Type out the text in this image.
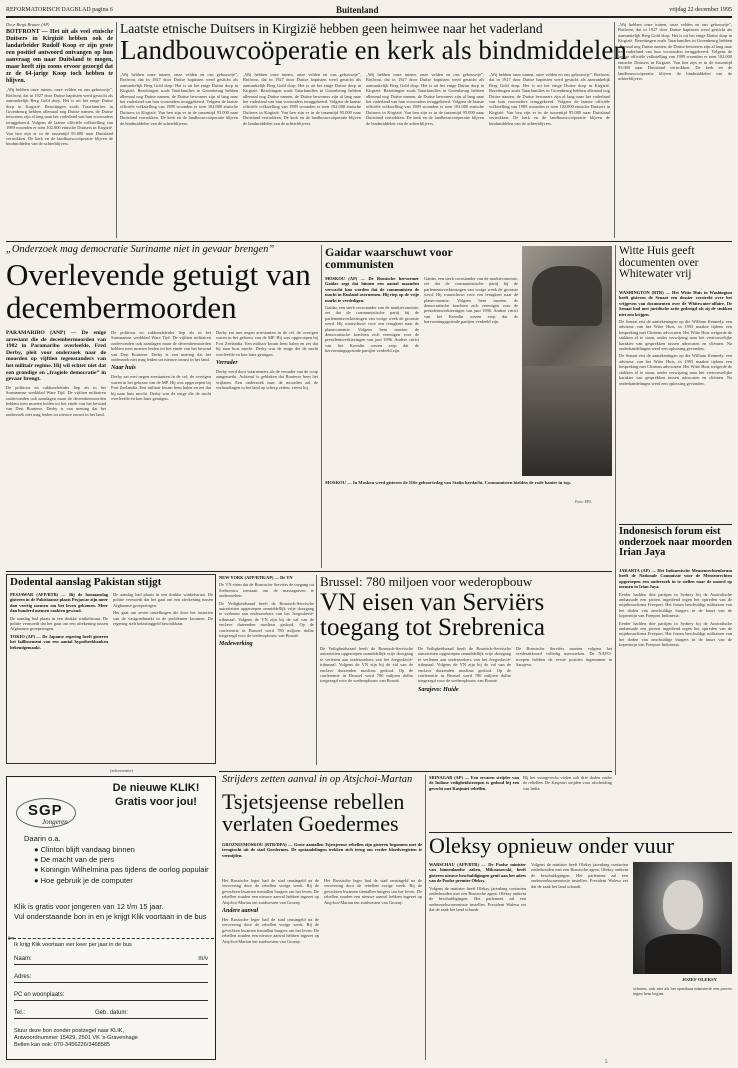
REFORMATORISCH DAGBLAD pagina 6	Buitenland	vrijdag 22 december 1995

Door Birgit Brauer (AP)

BOTFRONT — Het uit als veel etnische Duitsers in Kirgizië hebben ook de landarbeider Rudolf Koop er zijn grote een positief antwoord ontvangen op hun aanvraag om naar Duitsland te mogen, maar heeft zijn zoons ervoor gezorgd dat ze de 64-jarige Koop toch hebben te blijven.

„Wij hebben onze tuinen, onze velden en ons gebouwtje”, Rotfront, dat in 1927 door Duitse baptisten werd gesticht als aanvankelijk Berg Gold dorp. Het is uit het enige Duitse dorp in Kirgizië. Bezettingen zoals Tatarfamilies in Groenbeurg hebben allemaal nog Duitse namen, de Duitse bewoners zijn al lang naar het vaderland van hun voorouders teruggekeerd. Volgens de laatste officiële volkstelling van 1989 woonden er toen 102.000 etnische Duitsers in Kirgizië. Van hen zijn er in de tussentijd 95.000 naar Duitsland vertrokken. De kerk en de landbouwcoöperatie blijven de bindmiddelen van de achterblijvers.

Laatste etnische Duitsers in Kirgizië hebben geen heimwee naar het vaderland
Landbouwcoöperatie en kerk als bindmiddelen
„Wij hebben onze tuinen, onze velden en ons gebouwtje”, Rotfront, dat in 1927 door Duitse baptisten werd gesticht als aanvankelijk Berg Gold dorp. Het is uit het enige Duitse dorp in Kirgizië. Bezettingen zoals Tatarfamilies in Groenbeurg hebben allemaal nog Duitse namen, de Duitse bewoners zijn al lang naar het vaderland van hun voorouders teruggekeerd. Volgens de laatste officiële volkstelling van 1989 woonden er toen 102.000 etnische Duitsers in Kirgizië. Van hen zijn er in de tussentijd 95.000 naar Duitsland vertrokken. De kerk en de landbouwcoöperatie blijven de bindmiddelen van de achterblijvers.
„Wij hebben onze tuinen, onze velden en ons gebouwtje”, Rotfront, dat in 1927 door Duitse baptisten werd gesticht als aanvankelijk Berg Gold dorp. Het is uit het enige Duitse dorp in Kirgizië. Bezettingen zoals Tatarfamilies in Groenbeurg hebben allemaal nog Duitse namen, de Duitse bewoners zijn al lang naar het vaderland van hun voorouders teruggekeerd. Volgens de laatste officiële volkstelling van 1989 woonden er toen 102.000 etnische Duitsers in Kirgizië. Van hen zijn er in de tussentijd 95.000 naar Duitsland vertrokken. De kerk en de landbouwcoöperatie blijven de bindmiddelen van de achterblijvers.
„Wij hebben onze tuinen, onze velden en ons gebouwtje”, Rotfront, dat in 1927 door Duitse baptisten werd gesticht als aanvankelijk Berg Gold dorp. Het is uit het enige Duitse dorp in Kirgizië. Bezettingen zoals Tatarfamilies in Groenbeurg hebben allemaal nog Duitse namen, de Duitse bewoners zijn al lang naar het vaderland van hun voorouders teruggekeerd. Volgens de laatste officiële volkstelling van 1989 woonden er toen 102.000 etnische Duitsers in Kirgizië. Van hen zijn er in de tussentijd 95.000 naar Duitsland vertrokken. De kerk en de landbouwcoöperatie blijven de bindmiddelen van de achterblijvers.
„Wij hebben onze tuinen, onze velden en ons gebouwtje”, Rotfront, dat in 1927 door Duitse baptisten werd gesticht als aanvankelijk Berg Gold dorp. Het is uit het enige Duitse dorp in Kirgizië. Bezettingen zoals Tatarfamilies in Groenbeurg hebben allemaal nog Duitse namen, de Duitse bewoners zijn al lang naar het vaderland van hun voorouders teruggekeerd. Volgens de laatste officiële volkstelling van 1989 woonden er toen 102.000 etnische Duitsers in Kirgizië. Van hen zijn er in de tussentijd 95.000 naar Duitsland vertrokken. De kerk en de landbouwcoöperatie blijven de bindmiddelen van de achterblijvers.
„Wij hebben onze tuinen, onze velden en ons gebouwtje”, Rotfront, dat in 1927 door Duitse baptisten werd gesticht als aanvankelijk Berg Gold dorp. Het is uit het enige Duitse dorp in Kirgizië. Bezettingen zoals Tatarfamilies in Groenbeurg hebben allemaal nog Duitse namen, de Duitse bewoners zijn al lang naar het vaderland van hun voorouders teruggekeerd. Volgens de laatste officiële volkstelling van 1989 woonden er toen 102.000 etnische Duitsers in Kirgizië. Van hen zijn er in de tussentijd 95.000 naar Duitsland vertrokken. De kerk en de landbouwcoöperatie blijven de bindmiddelen van de achterblijvers.
„Onderzoek mag democratie Suriname niet in gevaar brengen”
Overlevende getuigt van decembermoorden

PARAMARIBO (ANP) — De enige arrestant die de decembermoorden van 1982 in Paramaribo overleefde, Fred Derby, pleit voor onderzoek naar de moorden op vijftien tegenstanders van het militair regime. Hij wil echter niet dat een grondige en „fragiele democratie” in gevaar brengt.

De politicus en vakbondsleider liep als in het Surinaamse werkblad Ware Tijd. De vijftien militairen ondervonden ook aanslagen maar de decembermoorden hebben toen moeten leiden tot het einde van het bewind van Desi Bouterse. Derby is van mening dat het onderzoek niet mag leiden tot nieuwe onrust in het land.

De politicus en vakbondsleider liep als in het Surinaamse werkblad Ware Tijd. De vijftien militairen ondervonden ook aanslagen maar de decembermoorden hebben toen moeten leiden tot het einde van het bewind van Desi Bouterse. Derby is van mening dat het onderzoek niet mag leiden tot nieuwe onrust in het land.

Naar huis

Derby zat met negen arrestanten in de cel, de overigen waren in het gebouw van de MP. Hij was opgeroepen bij Fort Zeelandia. Een militair kwam hem halen en zei dat hij naar huis mocht. Derby was de enige die de nacht overleefde en kon later getuigen.

Derby zat met negen arrestanten in de cel, de overigen waren in het gebouw van de MP. Hij was opgeroepen bij Fort Zeelandia. Een militair kwam hem halen en zei dat hij naar huis mocht. Derby was de enige die de nacht overleefde en kon later getuigen.

Verrader

Derby werd door waarnemers als de verrader van de coup aangemerkt. Achteraf is gebleken dat Bouterse hem liet vrijlaten. Een onderzoek naar de moorden zal de verhoudingen in het land op scherp zetten, vreest hij.

Gaidar waarschuwt voor communisten

MOSKOU (AP) — De Russische hervormer Gaidar zegt dat binnen een aantal maanden verwacht kan worden dat de communisten de macht in Rusland overnemen. Hij riep op de vrije markt te verdedigen.

Gaidar, een sterk voorstander van de markteconomie, zei dat de communistische partij bij de parlementsverkiezingen van vorige week de grootste werd. Hij waarschuwt voor een terugkeer naar de planeconomie. Volgens hem moeten de democratische krachten zich verenigen voor de presidentsverkiezingen van juni 1996. Andere critici van het Kremlin wezen erop dat de hervormingsgezinde partijen verdeeld zijn.

Gaidar, een sterk voorstander van de markteconomie, zei dat de communistische partij bij de parlementsverkiezingen van vorige week de grootste werd. Hij waarschuwt voor een terugkeer naar de planeconomie. Volgens hem moeten de democratische krachten zich verenigen voor de presidentsverkiezingen van juni 1996. Andere critici van het Kremlin wezen erop dat de hervormingsgezinde partijen verdeeld zijn.
MOSKOU — In Moskou werd gisteren de 116e geboortedag van Stalin herdacht. Communisten hielden de rode banier in top.
Foto: EPA
Witte Huis geeft documenten over Whitewater vrij

WASHINGTON (RTR) — Het Witte Huis in Washington heeft gisteren de Senaat een dossier verstrekt over het vrijgeven van documenten over de Whitewater-affaire. De Senaat had met juridische actie gedreigd als zij de stukken niet zou krijgen.

De Senaat eist de aantekeningen op die William Kennedy, een adviseur van het Witte Huis, in 1993 maakte tijdens een bespreking met Clintons advocaten. Het Witte Huis weigerde de stukken af te staan, onder verwijzing naar het vertrouwelijke karakter van gesprekken tussen advocaten en cliënten. Na onderhandelingen werd een oplossing gevonden.

De Senaat eist de aantekeningen op die William Kennedy, een adviseur van het Witte Huis, in 1993 maakte tijdens een bespreking met Clintons advocaten. Het Witte Huis weigerde de stukken af te staan, onder verwijzing naar het vertrouwelijke karakter van gesprekken tussen advocaten en cliënten. Na onderhandelingen werd een oplossing gevonden.

Indonesisch forum eist onderzoek naar moorden Irian Jaya

JAKARTA (AP) — Het Indonesische Mensenrechtenforum heeft de Nationale Commissie voor de Mensenrechten opgeroepen een onderzoek in te stellen naar de moord op mensen in Irian Jaya.

Eerder hadden drie partijen in Sydney bij de Australische ambassade een protest ingediend tegen het optreden van de mijnbouwfirma Freeport. Het forum beschuldigt militairen van het doden van onschuldige burgers in de buurt van de kopermijn van Freeport Indonesia.

Eerder hadden drie partijen in Sydney bij de Australische ambassade een protest ingediend tegen het optreden van de mijnbouwfirma Freeport. Het forum beschuldigt militairen van het doden van onschuldige burgers in de buurt van de kopermijn van Freeport Indonesia.

Dodental aanslag Pakistan stijgt

PESJAWAR (AFP/RTR) — Bij de bomaanslag gisteren in de Pakistaanse plaats Pesjawar zijn meer dan veertig mensen om het leven gekomen. Meer dan honderd mensen raakten gewond.

De aanslag had plaats in een drukke winkelstraat. De politie vermoedt dat het gaat om een afrekening tussen Afghaanse groeperingen.

TOKIO (AP) — De Japanse regering heeft gisteren het faillissement van een aantal hypotheekbanken bekendgemaakt.

De aanslag had plaats in een drukke winkelstraat. De politie vermoedt dat het gaat om een afrekening tussen Afghaanse groeperingen.

Het gaat om zeven instellingen die door het instorten van de vastgoedmarkt in de problemen kwamen. De regering stelt belastinggeld beschikbaar.

NEW YORK (AFP/RTR/AP) — De VN

De VN eisen dat de Bosnische Serviërs de toegang tot Srebrenica toestaan om de massagraven te onderzoeken.

De Veiligheidsraad heeft de Bosnisch-Servische autoriteiten opgeroepen onmiddellijk vrije doorgang te verlenen aan onderzoekers van het Joegoslavië-tribunaal. Volgens de VN zijn bij de val van de enclave duizenden moslims gedood. Op de conferentie in Brussel werd 780 miljoen dollar toegezegd voor de wederopbouw van Bosnië.

Medewerking

Brussel: 780 miljoen voor wederopbouw
VN eisen van Serviërs toegang tot Srebrenica
De Veiligheidsraad heeft de Bosnisch-Servische autoriteiten opgeroepen onmiddellijk vrije doorgang te verlenen aan onderzoekers van het Joegoslavië-tribunaal. Volgens de VN zijn bij de val van de enclave duizenden moslims gedood. Op de conferentie in Brussel werd 780 miljoen dollar toegezegd voor de wederopbouw van Bosnië.

De Veiligheidsraad heeft de Bosnisch-Servische autoriteiten opgeroepen onmiddellijk vrije doorgang te verlenen aan onderzoekers van het Joegoslavië-tribunaal. Volgens de VN zijn bij de val van de enclave duizenden moslims gedood. Op de conferentie in Brussel werd 780 miljoen dollar toegezegd voor de wederopbouw van Bosnië.

Sarajevo: Huide

De Bosnische Serviërs moeten volgens het vredesakkoord volledig meewerken. De NAVO-troepen hebben de eerste posities ingenomen in Sarajevo.
(advertentie)
De nieuwe KLIK!
Gratis voor jou!
SGP
Jongeren
Daarin o.a.
● Clinton blijft vandaag binnen
● De macht van de pers
● Koningin Wilhelmina pas tijdens de oorlog populair
● Hoe gebruik je de computer
Klik is gratis voor jongeren van 12 t/m 15 jaar.
Vul onderstaande bon in en je krijgt Klik voortaan in de bus
✂
Ik krijg Klik voortaan vier keer per jaar in de bus
Naam:	m/v
Adres:
PC en woonplaats:
Tel.:	Geb. datum:
Stuur deze bon zonder postzegel naar KLIK,
Antwoordnummer 15429, 2501 VK 's-Gravenhage
Bellen kan ook: 070-3456226/3468585
Strijders zetten aanval in op Atsjchoi-Martan
Tsjetsjeense rebellen verlaten Goedermes

GROZNIJ/MOSKOU (RTR/DPA) — Grote aantallen Tsjetsjeense rebellen zijn gisteren begonnen met de terugtocht uit de stad Goedermes. De opstandelingen trekken zich terug om verder bloedvergieten te vermijden.

Het Russische leger had de stad omsingeld na de verovering door de rebellen vorige week. Bij de gevechten kwamen tientallen burgers om het leven. De rebellen zouden een nieuwe aanval hebben ingezet op Atsjchoi-Martan ten zuidwesten van Grozny.

Andere aanval

Het Russische leger had de stad omsingeld na de verovering door de rebellen vorige week. Bij de gevechten kwamen tientallen burgers om het leven. De rebellen zouden een nieuwe aanval hebben ingezet op Atsjchoi-Martan ten zuidwesten van Grozny.

Het Russische leger had de stad omsingeld na de verovering door de rebellen vorige week. Bij de gevechten kwamen tientallen burgers om het leven. De rebellen zouden een nieuwe aanval hebben ingezet op Atsjchoi-Martan ten zuidwesten van Grozny.

SRINAGAR (AP) — Een ervaren strijder van de Indiase veiligheidstroepen is gedood bij een gevecht met Kasjmiri rebellen.

Bij het vuurgevecht vielen ook drie doden onder de rebellen. De Kasjmiri strijden voor afscheiding van India.
Oleksy opnieuw onder vuur

WARSCHAU (AFP/RTR) — De Poolse minister van binnenlandse zaken, Milczanowski, heeft gisteren nieuwe beschuldigingen geuit aan het adres van de Poolse premier Oleksy.

Volgens de minister heeft Oleksy jarenlang contacten onderhouden met een Russische agent. Oleksy ontkent de beschuldigingen. Het parlement zal een onderzoekscommissie instellen. President Walesa zei dat de zaak het land schaadt.

Volgens de minister heeft Oleksy jarenlang contacten onderhouden met een Russische agent. Oleksy ontkent de beschuldigingen. Het parlement zal een onderzoekscommissie instellen. President Walesa zei dat de zaak het land schaadt.
JOZEF OLEKSY
schoten, ook niet als het openbaar ministerie een proces tegen hem begint.
5
